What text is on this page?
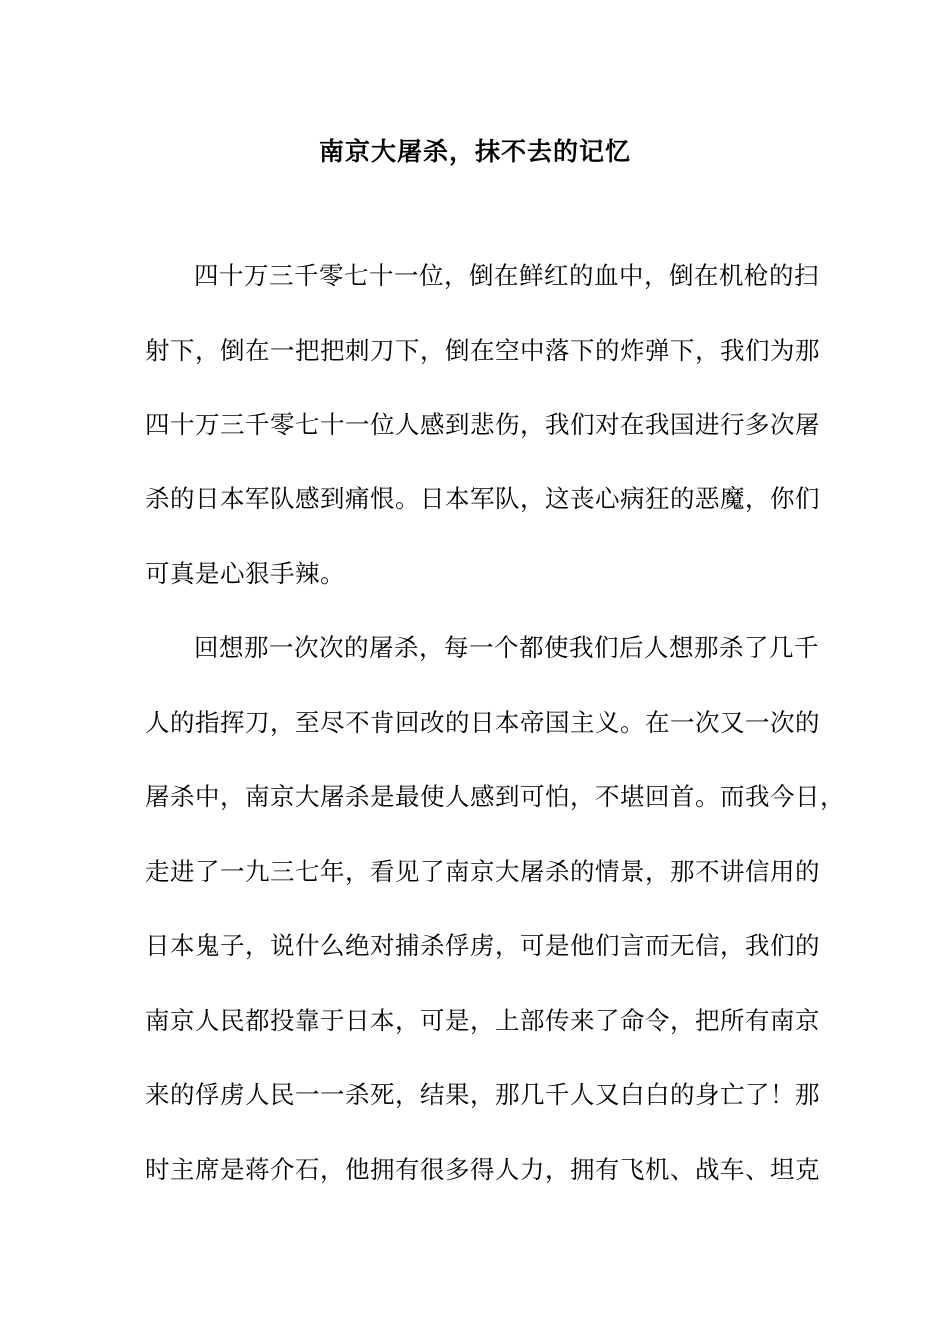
南京大屠杀，抹不去的记忆
四十万三千零七十一位，倒在鲜红的血中，倒在机枪的扫
射下，倒在一把把刺刀下，倒在空中落下的炸弹下，我们为那
四十万三千零七十一位人感到悲伤，我们对在我国进行多次屠
杀的日本军队感到痛恨。日本军队，这丧心病狂的恶魔，你们
可真是心狠手辣。
回想那一次次的屠杀，每一个都使我们后人想那杀了几千
人的指挥刀，至尽不肯回改的日本帝国主义。在一次又一次的
屠杀中，南京大屠杀是最使人感到可怕，不堪回首。而我今日，
走进了一九三七年，看见了南京大屠杀的情景，那不讲信用的
日本鬼子，说什么绝对捕杀俘虏，可是他们言而无信，我们的
南京人民都投靠于日本，可是，上部传来了命令，把所有南京
来的俘虏人民一一杀死，结果，那几千人又白白的身亡了！那
时主席是蒋介石，他拥有很多得人力，拥有飞机、战车、坦克
